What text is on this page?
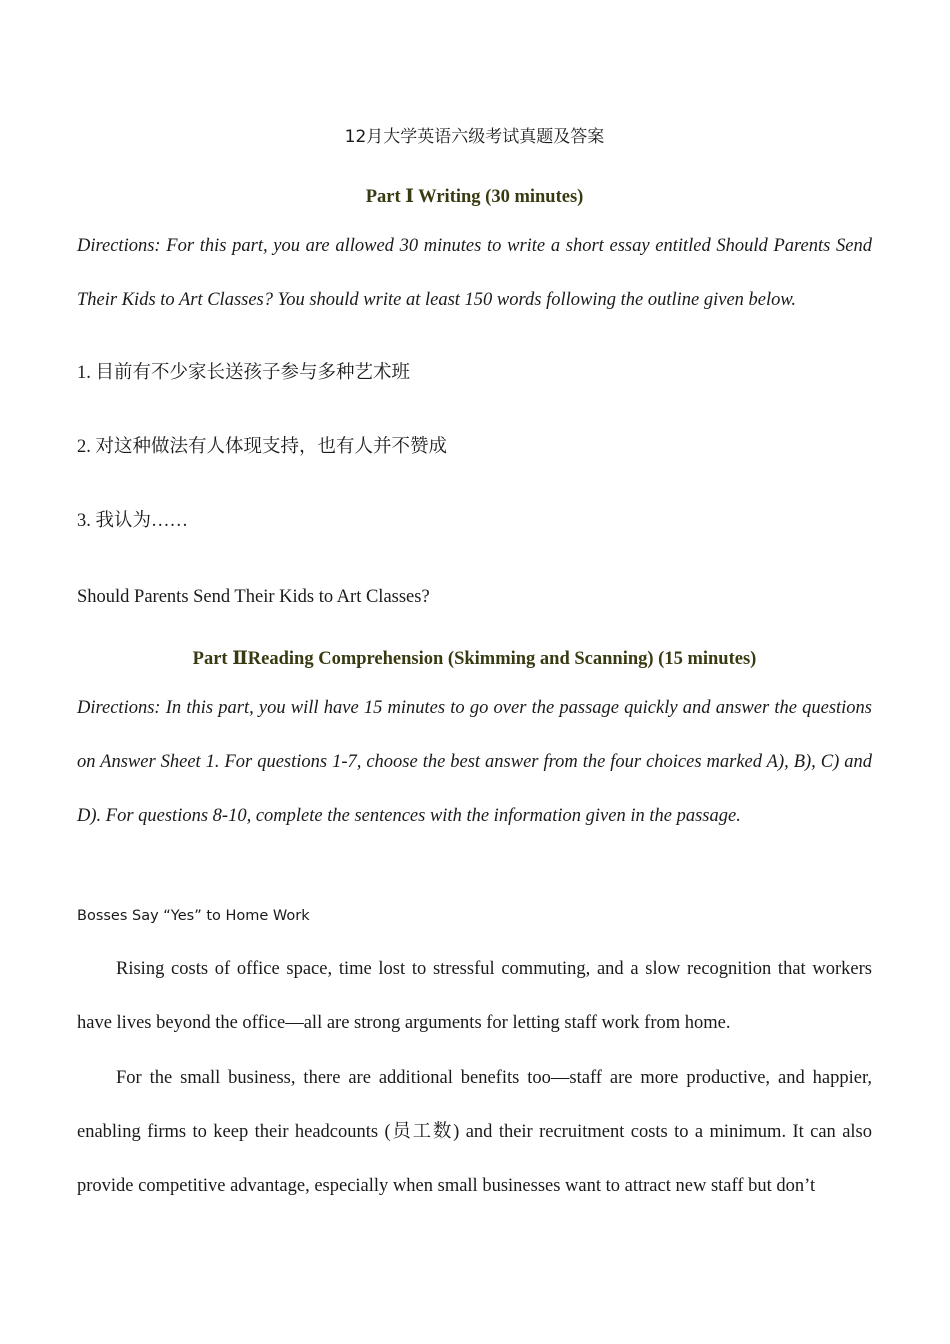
12月大学英语六级考试真题及答案
Part Ⅰ Writing (30 minutes)
Directions: For this part, you are allowed 30 minutes to write a short essay entitled Should Parents Send Their Kids to Art Classes? You should write at least 150 words following the outline given below.
1. 目前有不少家长送孩子参与多种艺术班
2. 对这种做法有人体现支持，也有人并不赞成
3. 我认为……
Should Parents Send Their Kids to Art Classes?
Part ⅡReading Comprehension (Skimming and Scanning) (15 minutes)
Directions: In this part, you will have 15 minutes to go over the passage quickly and answer the questions on Answer Sheet 1. For questions 1-7, choose the best answer from the four choices marked A), B), C) and D). For questions 8-10, complete the sentences with the information given in the passage.
Bosses Say “Yes” to Home Work
Rising costs of office space, time lost to stressful commuting, and a slow recognition that workers have lives beyond the office—all are strong arguments for letting staff work from home.
For the small business, there are additional benefits too—staff are more productive, and happier, enabling firms to keep their headcounts (员工数) and their recruitment costs to a minimum. It can also provide competitive advantage, especially when small businesses want to attract new staff but don’t
